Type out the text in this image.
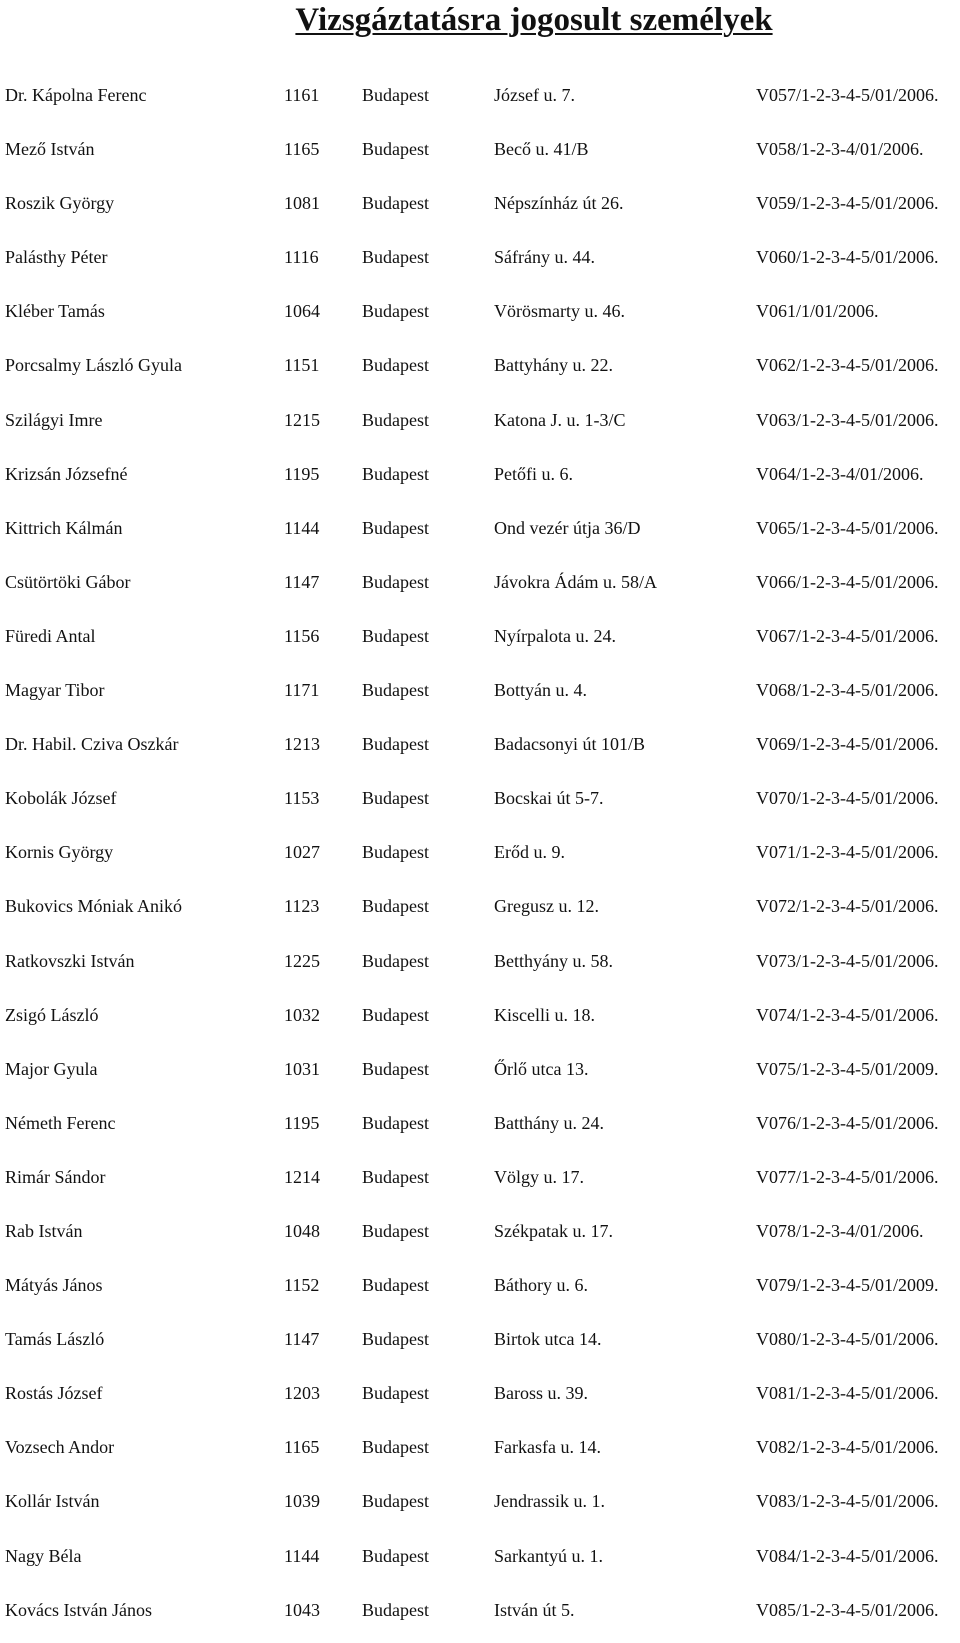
Vizsgáztatásra jogosult személyek
Dr. Kápolna Ferenc	1161 Budapest	József u. 7.	V057/1-2-3-4-5/01/2006.
Mező István	1165 Budapest	Becő u. 41/B	V058/1-2-3-4/01/2006.
Roszik György	1081 Budapest	Népszínház út 26.	V059/1-2-3-4-5/01/2006.
Palásthy Péter	1116 Budapest	Sáfrány u. 44.	V060/1-2-3-4-5/01/2006.
Kléber Tamás	1064 Budapest	Vörösmarty u. 46.	V061/1/01/2006.
Porcsalmy László Gyula	1151 Budapest	Battyhány u. 22.	V062/1-2-3-4-5/01/2006.
Szilágyi Imre	1215 Budapest	Katona J. u. 1-3/C	V063/1-2-3-4-5/01/2006.
Krizsán Józsefné	1195 Budapest	Petőfi u. 6.	V064/1-2-3-4/01/2006.
Kittrich Kálmán	1144 Budapest	Ond vezér útja 36/D	V065/1-2-3-4-5/01/2006.
Csütörtöki Gábor	1147 Budapest	Jávokra Ádám u. 58/A	V066/1-2-3-4-5/01/2006.
Füredi Antal	1156 Budapest	Nyírpalota u. 24.	V067/1-2-3-4-5/01/2006.
Magyar Tibor	1171 Budapest	Bottyán u. 4.	V068/1-2-3-4-5/01/2006.
Dr. Habil. Cziva Oszkár	1213 Budapest	Badacsonyi út 101/B	V069/1-2-3-4-5/01/2006.
Kobolák József	1153 Budapest	Bocskai út 5-7.	V070/1-2-3-4-5/01/2006.
Kornis György	1027 Budapest	Erőd u. 9.	V071/1-2-3-4-5/01/2006.
Bukovics Móniak Anikó	1123 Budapest	Gregusz u. 12.	V072/1-2-3-4-5/01/2006.
Ratkovszki István	1225 Budapest	Betthyány u. 58.	V073/1-2-3-4-5/01/2006.
Zsigó László	1032 Budapest	Kiscelli u. 18.	V074/1-2-3-4-5/01/2006.
Major Gyula	1031 Budapest	Őrlő utca 13.	V075/1-2-3-4-5/01/2009.
Németh Ferenc	1195 Budapest	Batthány u. 24.	V076/1-2-3-4-5/01/2006.
Rimár Sándor	1214 Budapest	Völgy u. 17.	V077/1-2-3-4-5/01/2006.
Rab István	1048 Budapest	Székpatak u. 17.	V078/1-2-3-4/01/2006.
Mátyás János	1152 Budapest	Báthory u. 6.	V079/1-2-3-4-5/01/2009.
Tamás László	1147 Budapest	Birtok utca 14.	V080/1-2-3-4-5/01/2006.
Rostás József	1203 Budapest	Baross u. 39.	V081/1-2-3-4-5/01/2006.
Vozsech Andor	1165 Budapest	Farkasfa u. 14.	V082/1-2-3-4-5/01/2006.
Kollár István	1039 Budapest	Jendrassik u. 1.	V083/1-2-3-4-5/01/2006.
Nagy Béla	1144 Budapest	Sarkantyú u. 1.	V084/1-2-3-4-5/01/2006.
Kovács István János	1043 Budapest	István út 5.	V085/1-2-3-4-5/01/2006.
